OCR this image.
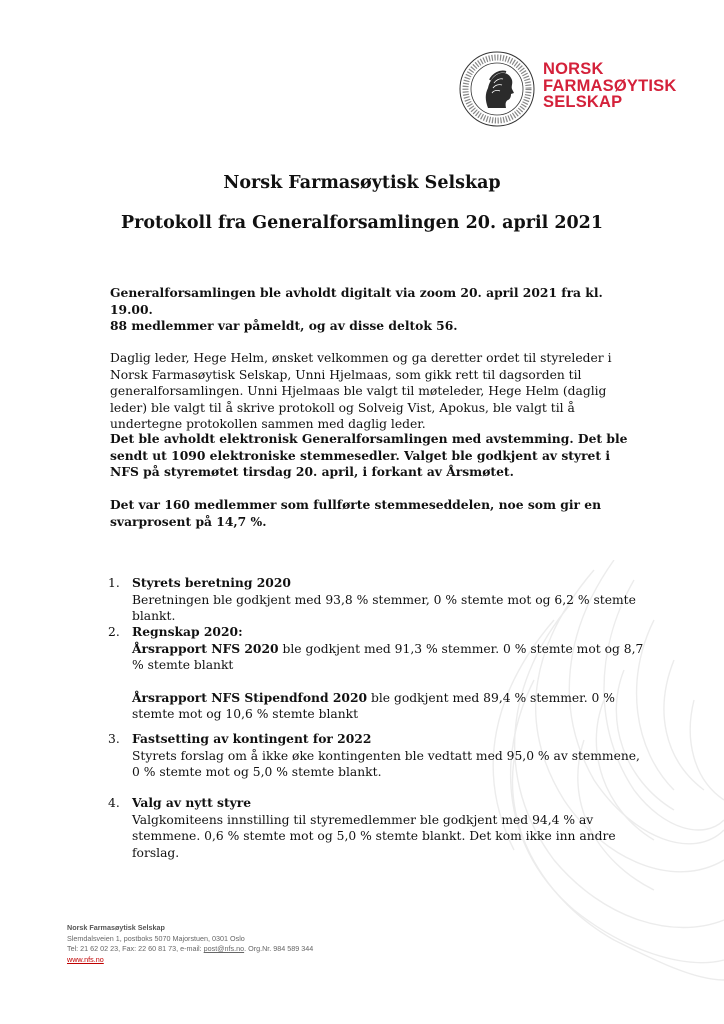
NORSK
FARMASØYTISK
SELSKAP
Norsk Farmasøytisk Selskap
Protokoll fra Generalforsamlingen 20. april 2021
Generalforsamlingen ble avholdt digitalt via zoom 20. april 2021 fra kl. 19.00.
88 medlemmer var påmeldt, og av disse deltok 56.
Daglig leder, Hege Helm, ønsket velkommen og ga deretter ordet til styreleder i Norsk Farmasøytisk Selskap, Unni Hjelmaas, som gikk rett til dagsorden til generalforsamlingen. Unni Hjelmaas ble valgt til møteleder, Hege Helm (daglig leder) ble valgt til å skrive protokoll og Solveig Vist, Apokus, ble valgt til å undertegne protokollen sammen med daglig leder.
Det ble avholdt elektronisk Generalforsamlingen med avstemming. Det ble sendt ut 1090 elektroniske stemmesedler. Valget ble godkjent av styret i NFS på styremøtet tirsdag 20. april, i forkant av Årsmøtet.
Det var 160 medlemmer som fullførte stemmeseddelen, noe som gir en svarprosent på 14,7 %.
1. Styrets beretning 2020
Beretningen ble godkjent med 93,8 % stemmer, 0 % stemte mot og 6,2 % stemte blankt.
2. Regnskap 2020:
Årsrapport NFS 2020 ble godkjent med 91,3 % stemmer. 0 % stemte mot og 8,7 % stemte blankt
Årsrapport NFS Stipendfond 2020 ble godkjent med 89,4 % stemmer. 0 % stemte mot og 10,6 % stemte blankt
3. Fastsetting av kontingent for 2022
Styrets forslag om å ikke øke kontingenten ble vedtatt med 95,0 % av stemmene, 0 % stemte mot og 5,0 % stemte blankt.
4. Valg av nytt styre
Valgkomiteens innstilling til styremedlemmer ble godkjent med 94,4 % av stemmene. 0,6 % stemte mot og 5,0 % stemte blankt. Det kom ikke inn andre forslag.
Norsk Farmasøytisk Selskap
Slemdalsveien 1, postboks 5070 Majorstuen, 0301 Oslo
Tel: 21 62 02 23, Fax: 22 60 81 73, e-mail: post@nfs.no. Org.Nr. 984 589 344
www.nfs.no
